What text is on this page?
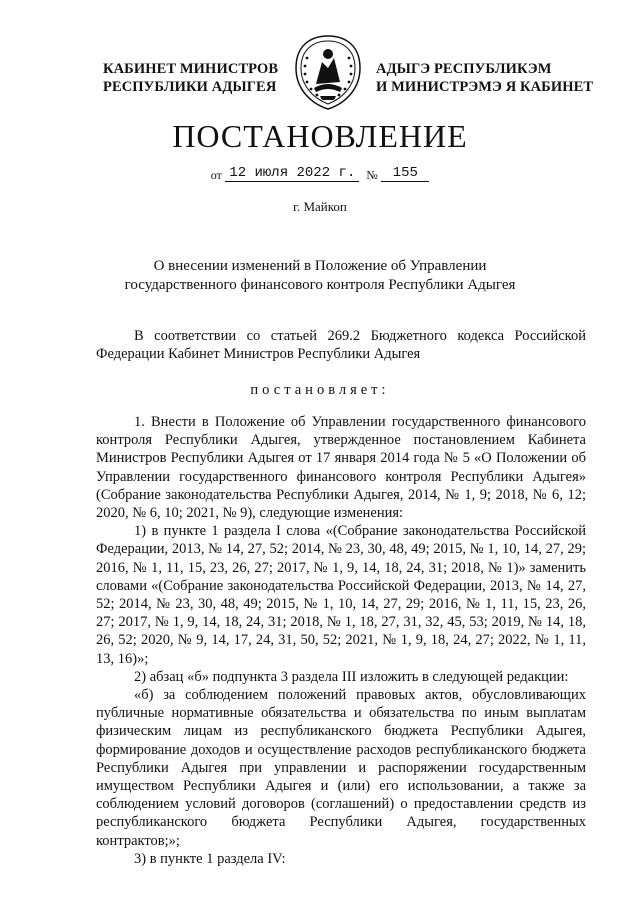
КАБИНЕТ МИНИСТРОВ
РЕСПУБЛИКИ АДЫГЕЯ
АДЫГЭ РЕСПУБЛИКЭМ
И МИНИСТРЭМЭ Я КАБИНЕТ
ПОСТАНОВЛЕНИЕ
от 12 июля 2022 г. № 155
г. Майкоп
О внесении изменений в Положение об Управлении
государственного финансового контроля Республики Адыгея

В соответствии со статьей 269.2 Бюджетного кодекса Российской Федерации Кабинет Министров Республики Адыгея

постановляет:

1. Внести в Положение об Управлении государственного финансового контроля Республики Адыгея, утвержденное постановлением Кабинета Министров Республики Адыгея от 17 января 2014 года № 5 «О Положении об Управлении государственного финансового контроля Республики Адыгея» (Собрание законодательства Республики Адыгея, 2014, № 1, 9; 2018, № 6, 12; 2020, № 6, 10; 2021, № 9), следующие изменения:

1) в пункте 1 раздела I слова «(Собрание законодательства Российской Федерации, 2013, № 14, 27, 52; 2014, № 23, 30, 48, 49; 2015, № 1, 10, 14, 27, 29; 2016, № 1, 11, 15, 23, 26, 27; 2017, № 1, 9, 14, 18, 24, 31; 2018, № 1)» заменить словами «(Собрание законодательства Российской Федерации, 2013, № 14, 27, 52; 2014, № 23, 30, 48, 49; 2015, № 1, 10, 14, 27, 29; 2016, № 1, 11, 15, 23, 26, 27; 2017, № 1, 9, 14, 18, 24, 31; 2018, № 1, 18, 27, 31, 32, 45, 53; 2019, № 14, 18, 26, 52; 2020, № 9, 14, 17, 24, 31, 50, 52; 2021, № 1, 9, 18, 24, 27; 2022, № 1, 11, 13, 16)»;

2) абзац «б» подпункта 3 раздела III изложить в следующей редакции:

«б) за соблюдением положений правовых актов, обусловливающих публичные нормативные обязательства и обязательства по иным выплатам физическим лицам из республиканского бюджета Республики Адыгея, формирование доходов и осуществление расходов республиканского бюджета Республики Адыгея при управлении и распоряжении государственным имуществом Республики Адыгея и (или) его использовании, а также за соблюдением условий договоров (соглашений) о предоставлении средств из республиканского бюджета Республики Адыгея, государственных контрактов;»;

3) в пункте 1 раздела IV:
